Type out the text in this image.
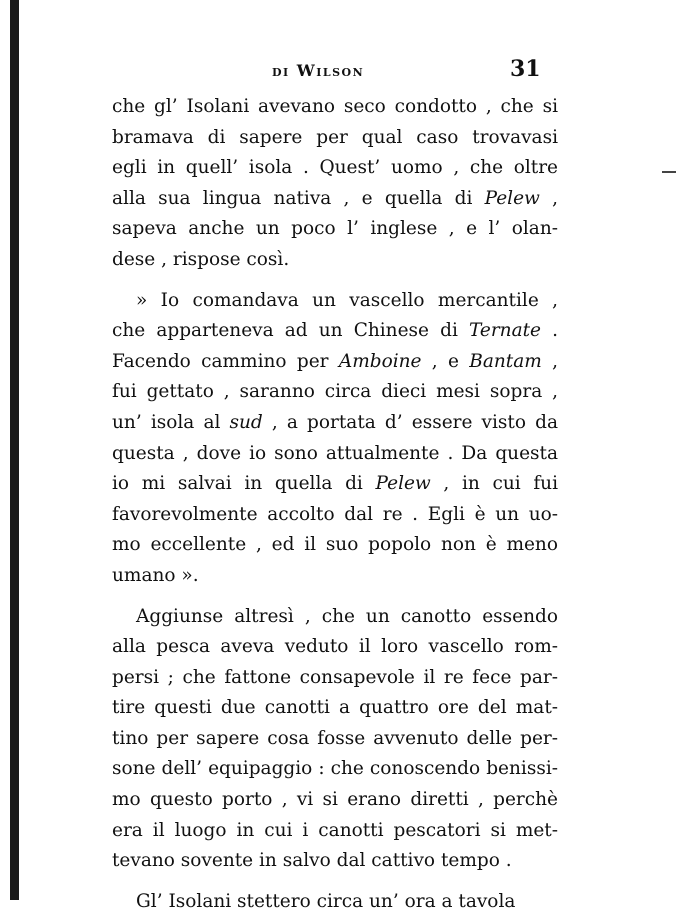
di Wilson	31
che gl’ Isolani avevano seco condotto , che si
bramava di sapere per qual caso trovavasi
egli in quell’ isola . Quest’ uomo , che oltre
alla sua lingua nativa , e quella di Pelew ,
sapeva anche un poco l’ inglese , e l’ olan-
dese , rispose così.
» Io comandava un vascello mercantile ,
che apparteneva ad un Chinese di Ternate .
Facendo cammino per Amboine , e Bantam ,
fui gettato , saranno circa dieci mesi sopra ,
un’ isola al sud , a portata d’ essere visto da
questa , dove io sono attualmente . Da questa
io mi salvai in quella di Pelew , in cui fui
favorevolmente accolto dal re . Egli è un uo-
mo eccellente , ed il suo popolo non è meno
umano ».
Aggiunse altresì , che un canotto essendo
alla pesca aveva veduto il loro vascello rom-
persi ; che fattone consapevole il re fece par-
tire questi due canotti a quattro ore del mat-
tino per sapere cosa fosse avvenuto delle per-
sone dell’ equipaggio : che conoscendo benissi-
mo questo porto , vi si erano diretti , perchè
era il luogo in cui i canotti pescatori si met-
tevano sovente in salvo dal cattivo tempo .
Gl’ Isolani stettero circa un’ ora a tavola
